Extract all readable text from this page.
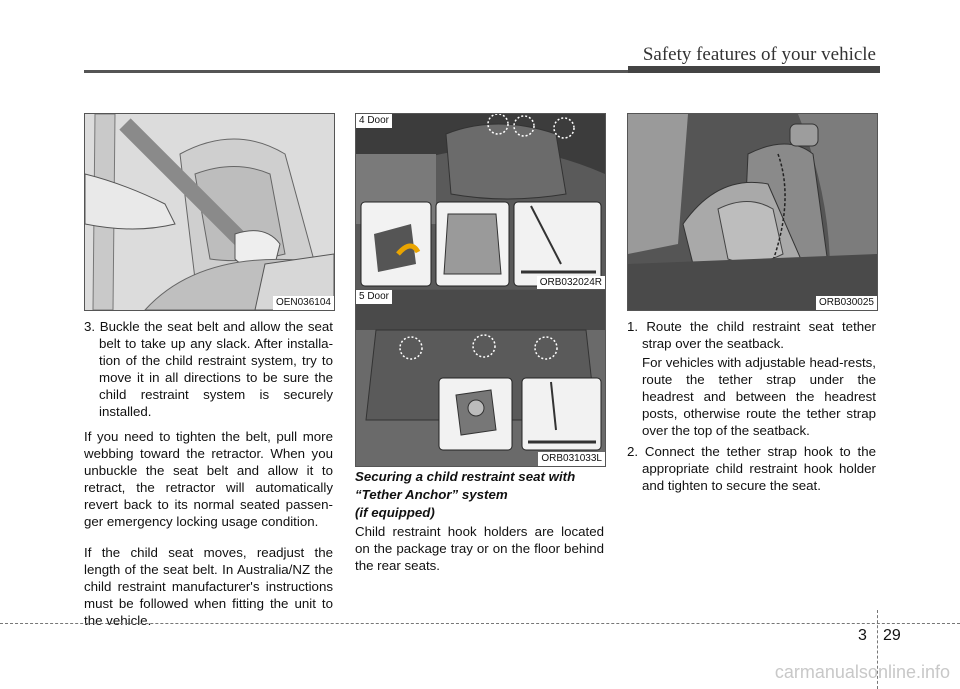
Safety features of your vehicle
OEN036104
4 Door
ORB032024R
5 Door
ORB031033L
ORB030025

3. Buckle the seat belt and allow the seat belt to take up any slack. After installa-tion of the child restraint system, try to move it in all directions to be sure the child restraint system is securely installed.

If you need to tighten the belt, pull more webbing toward the retractor. When you unbuckle the seat belt and allow it to retract, the retractor will automatically revert back to its normal seated passen-ger emergency locking usage condition.

If the child seat moves, readjust the length of the seat belt. In Australia/NZ the child restraint manufacturer's instructions must be followed when fitting the unit to the vehicle.

Securing a child restraint seat with

“Tether Anchor” system

(if equipped)

Child restraint hook holders are located on the package tray or on the floor behind the rear seats.

1. Route the child restraint seat tether strap over the seatback.

For vehicles with adjustable head-rests, route the tether strap under the headrest and between the headrest posts, otherwise route the tether strap over the top of the seatback.

2. Connect the tether strap hook to the appropriate child restraint hook holder and tighten to secure the seat.

3 29
carmanualsonline.info
